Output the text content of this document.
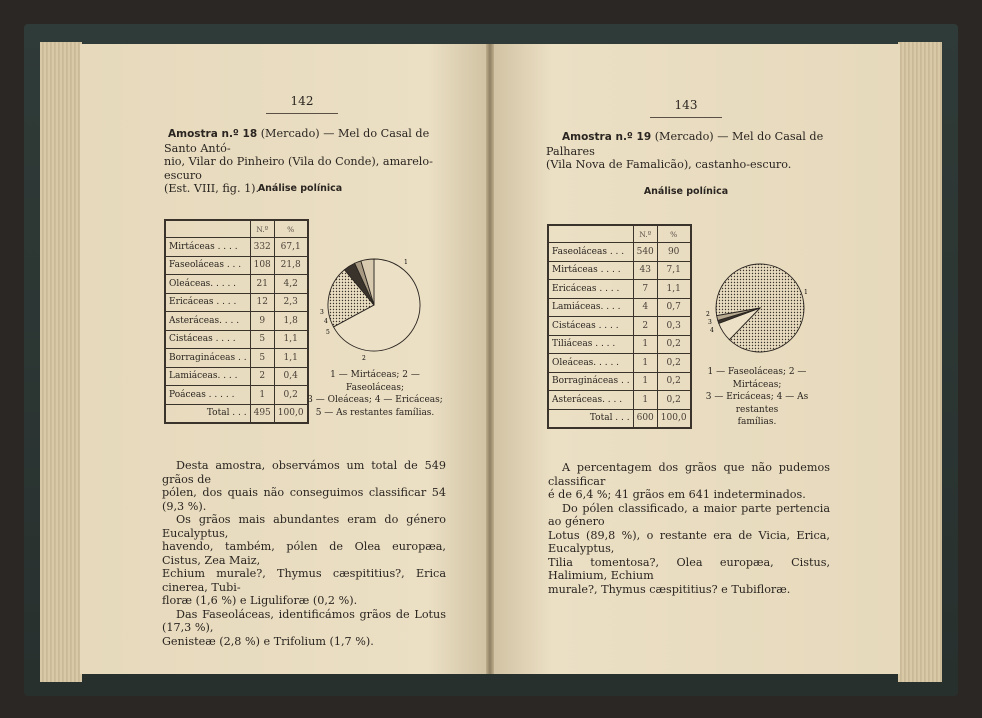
142
Amostra n.º 18 (Mercado) — Mel do Casal de Santo Antó-
nio, Vilar do Pinheiro (Vila do Conde), amarelo-escuro
(Est. VIII, fig. 1).
Análise polínica
	N.º	%
Mirtáceas . . . .	332	67,1
Faseoláceas . . .	108	21,8
Oleáceas. . . . .	21	4,2
Ericáceas . . . .	12	2,3
Asteráceas. . . .	9	1,8
Cistáceas . . . .	5	1,1
Borragináceas . .	5	1,1
Lamiáceas. . . .	2	0,4
Poáceas . . . . .	1	0,2
Total . . .	495	100,0
1
2
3
4
5
1 — Mirtáceas; 2 — Faseoláceas;
3 — Oleáceas; 4 — Ericáceas;
5 — As restantes famílias.
Desta amostra, observámos um total de 549 grãos de
pólen, dos quais não conseguimos classificar 54 (9,3 %).
Os grãos mais abundantes eram do género Eucalyptus,
havendo, também, pólen de Olea europæa, Cistus, Zea Maiz,
Echium murale?, Thymus cæspititius?, Erica cinerea, Tubi-
floræ (1,6 %) e Liguliforæ (0,2 %).
Das Faseoláceas, identificámos grãos de Lotus (17,3 %),
Genisteæ (2,8 %) e Trifolium (1,7 %).
143
Amostra n.º 19 (Mercado) — Mel do Casal de Palhares
(Vila Nova de Famalicão), castanho-escuro.
Análise polínica
	N.º	%
Faseoláceas . . .	540	90
Mirtáceas . . . .	43	7,1
Ericáceas . . . .	7	1,1
Lamiáceas. . . .	4	0,7
Cistáceas . . . .	2	0,3
Tiliáceas . . . .	1	0,2
Oleáceas. . . . .	1	0,2
Borragináceas . .	1	0,2
Asteráceas. . . .	1	0,2
Total . . .	600	100,0
1
2
3
4
1 — Faseoláceas; 2 — Mirtáceas;
3 — Ericáceas; 4 — As restantes
famílias.
A percentagem dos grãos que não pudemos classificar
é de 6,4 %; 41 grãos em 641 indeterminados.
Do pólen classificado, a maior parte pertencia ao género
Lotus (89,8 %), o restante era de Vicia, Erica, Eucalyptus,
Tilia tomentosa?, Olea europæa, Cistus, Halimium, Echium
murale?, Thymus cæspititius? e Tubifloræ.
